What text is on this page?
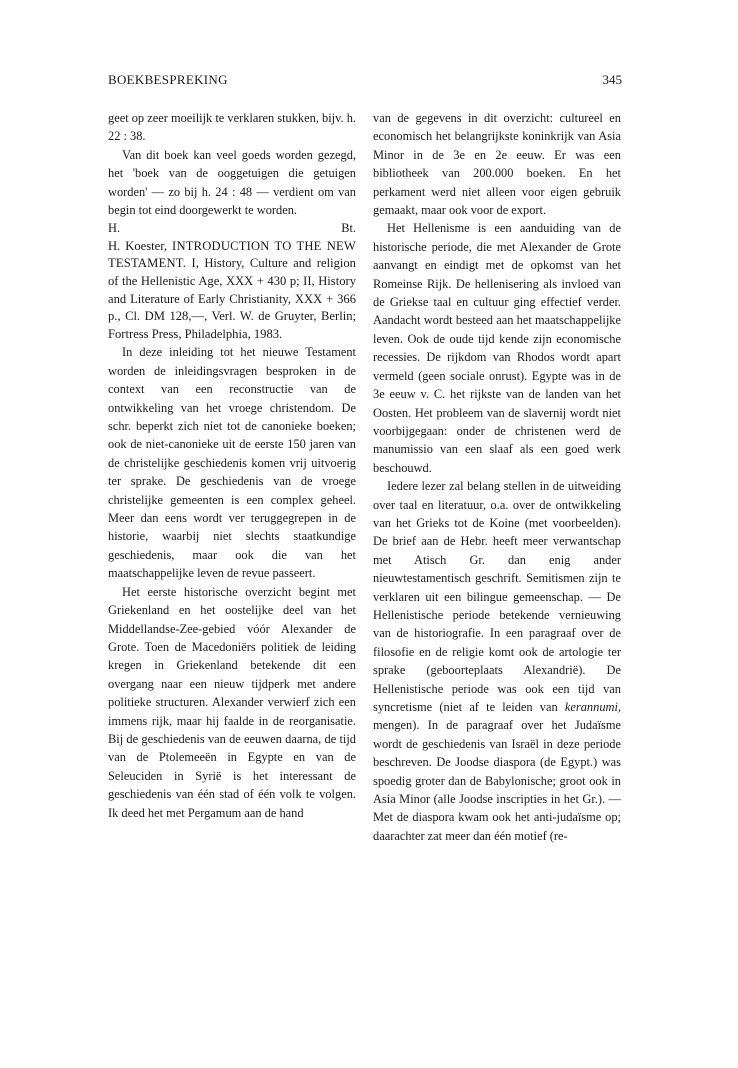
BOEKBESPREKING	345

geet op zeer moeilijk te verklaren stukken, bijv. h. 22 : 38.

Van dit boek kan veel goeds worden gezegd, het 'boek van de ooggetuigen die getuigen worden' — zo bij h. 24 : 48 — verdient om van begin tot eind doorgewerkt te worden.

H.	Bt.

H. Koester, INTRODUCTION TO THE NEW TESTAMENT. I, History, Culture and religion of the Hellenistic Age, XXX + 430 p; II, History and Literature of Early Christianity, XXX + 366 p., Cl. DM 128,—, Verl. W. de Gruyter, Berlin; Fortress Press, Philadelphia, 1983.

In deze inleiding tot het nieuwe Testament worden de inleidingsvragen besproken in de context van een reconstructie van de ontwikkeling van het vroege christendom. De schr. beperkt zich niet tot de canonieke boeken; ook de niet-canonieke uit de eerste 150 jaren van de christelijke geschiedenis komen vrij uitvoerig ter sprake. De geschiedenis van de vroege christelijke gemeenten is een complex geheel. Meer dan eens wordt ver teruggegrepen in de historie, waarbij niet slechts staatkundige geschiedenis, maar ook die van het maatschappelijke leven de revue passeert.

Het eerste historische overzicht begint met Griekenland en het oostelijke deel van het Middellandse-Zee-gebied vóór Alexander de Grote. Toen de Macedoniërs politiek de leiding kregen in Griekenland betekende dit een overgang naar een nieuw tijdperk met andere politieke structuren. Alexander verwierf zich een immens rijk, maar hij faalde in de reorganisatie. Bij de geschiedenis van de eeuwen daarna, de tijd van de Ptolemeeën in Egypte en van de Seleuciden in Syrië is het interessant de geschiedenis van één stad of één volk te volgen. Ik deed het met Pergamum aan de hand

van de gegevens in dit overzicht: cultureel en economisch het belangrijkste koninkrijk van Asia Minor in de 3e en 2e eeuw. Er was een bibliotheek van 200.000 boeken. En het perkament werd niet alleen voor eigen gebruik gemaakt, maar ook voor de export.

Het Hellenisme is een aanduiding van de historische periode, die met Alexander de Grote aanvangt en eindigt met de opkomst van het Romeinse Rijk. De hellenisering als invloed van de Griekse taal en cultuur ging effectief verder. Aandacht wordt besteed aan het maatschappelijke leven. Ook de oude tijd kende zijn economische recessies. De rijkdom van Rhodos wordt apart vermeld (geen sociale onrust). Egypte was in de 3e eeuw v. C. het rijkste van de landen van het Oosten. Het probleem van de slavernij wordt niet voorbijgegaan: onder de christenen werd de manumissio van een slaaf als een goed werk beschouwd.

Iedere lezer zal belang stellen in de uitweiding over taal en literatuur, o.a. over de ontwikkeling van het Grieks tot de Koine (met voorbeelden). De brief aan de Hebr. heeft meer verwantschap met Atisch Gr. dan enig ander nieuwtestamentisch geschrift. Semitismen zijn te verklaren uit een bilingue gemeenschap. — De Hellenistische periode betekende vernieuwing van de historiografie. In een paragraaf over de filosofie en de religie komt ook de artologie ter sprake (geboorteplaats Alexandrië). De Hellenistische periode was ook een tijd van syncretisme (niet af te leiden van kerannumi, mengen). In de paragraaf over het Judaïsme wordt de geschiedenis van Israël in deze periode beschreven. De Joodse diaspora (de Egypt.) was spoedig groter dan de Babylonische; groot ook in Asia Minor (alle Joodse inscripties in het Gr.). — Met de diaspora kwam ook het anti-judaïsme op; daarachter zat meer dan één motief (re-
